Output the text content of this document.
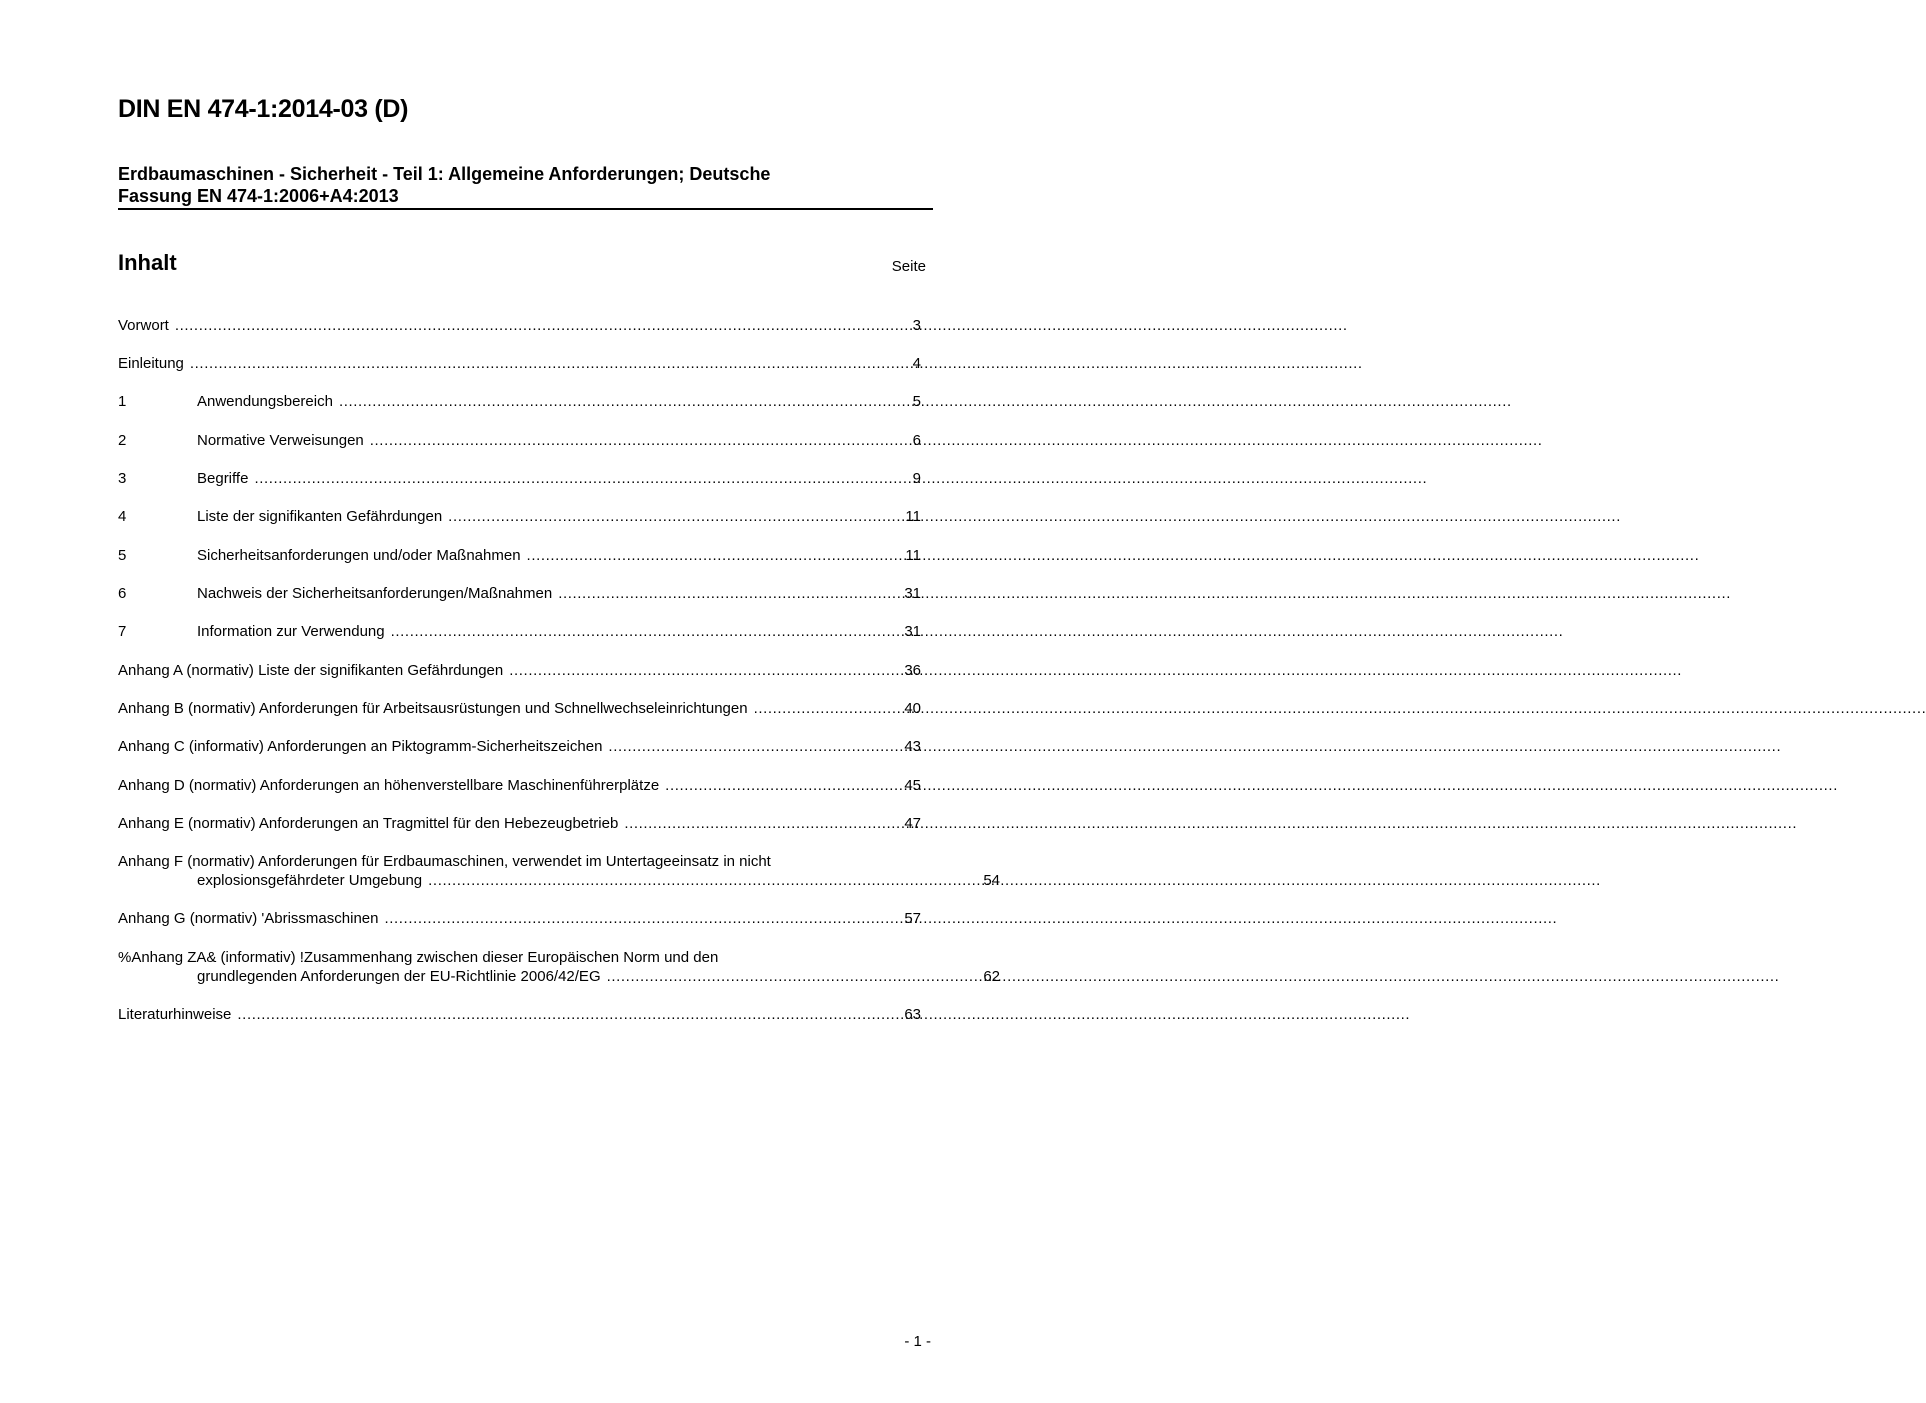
DIN EN 474-1:2014-03 (D)
Erdbaumaschinen - Sicherheit - Teil 1: Allgemeine Anforderungen; Deutsche
Fassung EN 474-1:2006+A4:2013
Inhalt	Seite
Vorwort .....	3
Einleitung .....	4
1	Anwendungsbereich .....	5
2	Normative Verweisungen .....	6
3	Begriffe .....	9
4	Liste der signifikanten Gefährdungen .....	11
5	Sicherheitsanforderungen und/oder Maßnahmen .....	11
6	Nachweis der Sicherheitsanforderungen/Maßnahmen .....	31
7	Information zur Verwendung .....	31
Anhang A (normativ) Liste der signifikanten Gefährdungen .....	36
Anhang B (normativ) Anforderungen für Arbeitsausrüstungen und Schnellwechseleinrichtungen .....	40
Anhang C (informativ) Anforderungen an Piktogramm-Sicherheitszeichen .....	43
Anhang D (normativ) Anforderungen an höhenverstellbare Maschinenführerplätze .....	45
Anhang E (normativ) Anforderungen an Tragmittel für den Hebezeugbetrieb .....	47
Anhang F (normativ) Anforderungen für Erdbaumaschinen, verwendet im Untertageeinsatz in nicht
explosionsgefährdeter Umgebung .....	54
Anhang G (normativ) 'Abrissmaschinen .....	57
%Anhang ZA& (informativ) !Zusammenhang zwischen dieser Europäischen Norm und den
grundlegenden Anforderungen der EU-Richtlinie 2006/42/EG .....	62
Literaturhinweise .....	63
- 1 -
